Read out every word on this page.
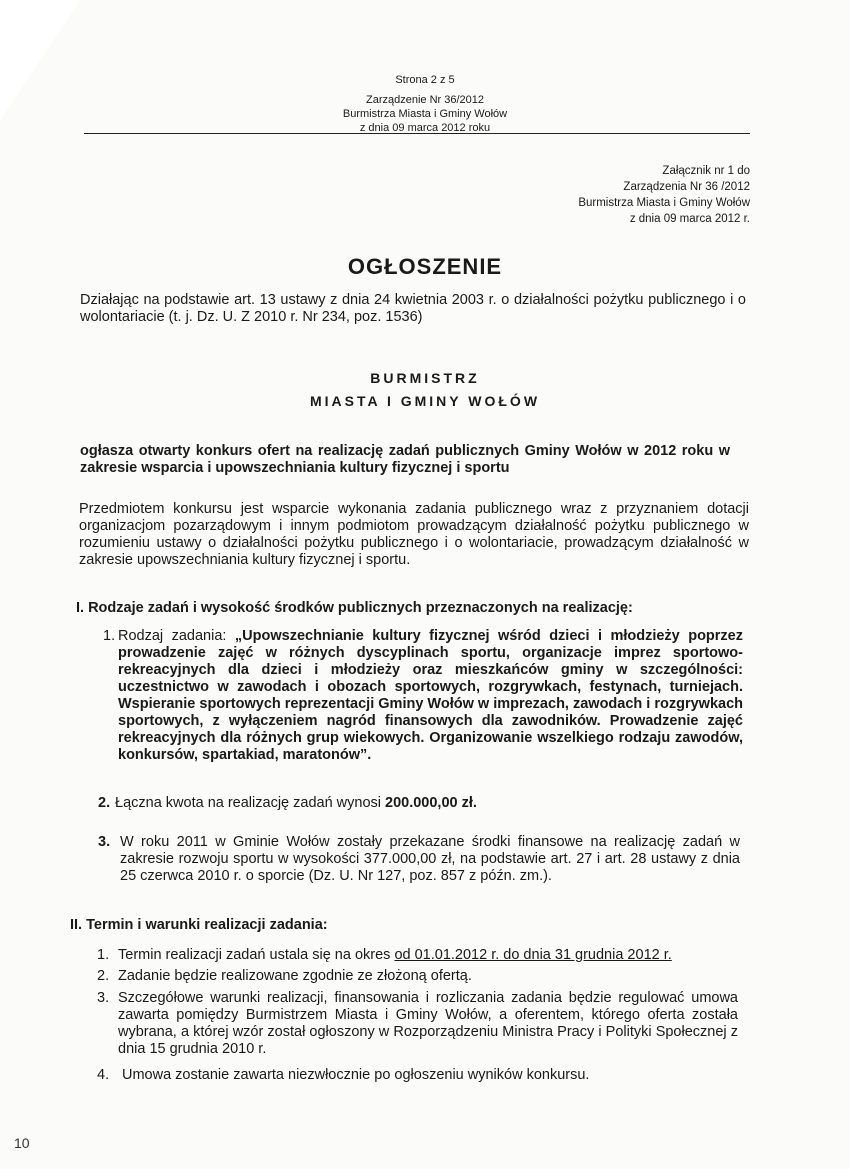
Strona 2 z 5
Zarządzenie Nr 36/2012
Burmistrza Miasta i Gminy Wołów
z dnia 09 marca 2012 roku
Załącznik nr 1 do
Zarządzenia Nr 36 /2012
Burmistrza Miasta i Gminy Wołów
z dnia 09 marca 2012 r.
OGŁOSZENIE
Działając na podstawie art. 13 ustawy z dnia 24 kwietnia 2003 r. o działalności pożytku publicznego i o wolontariacie (t. j. Dz. U. Z 2010 r. Nr 234, poz. 1536)
BURMISTRZ
MIASTA I GMINY WOŁÓW
ogłasza otwarty konkurs ofert na realizację zadań publicznych Gminy Wołów w 2012 roku w zakresie wsparcia i upowszechniania kultury fizycznej i sportu
Przedmiotem konkursu jest wsparcie wykonania zadania publicznego wraz z przyznaniem dotacji organizacjom pozarządowym i innym podmiotom prowadzącym działalność pożytku publicznego w rozumieniu ustawy o działalności pożytku publicznego i o wolontariacie, prowadzącym działalność w zakresie upowszechniania kultury fizycznej i sportu.
I. Rodzaje zadań i wysokość środków publicznych przeznaczonych na realizację:
1. Rodzaj zadania: „Upowszechnianie kultury fizycznej wśród dzieci i młodzieży poprzez prowadzenie zajęć w różnych dyscyplinach sportu, organizacje imprez sportowo-rekreacyjnych dla dzieci i młodzieży oraz mieszkańców gminy w szczególności: uczestnictwo w zawodach i obozach sportowych, rozgrywkach, festynach, turniejach. Wspieranie sportowych reprezentacji Gminy Wołów w imprezach, zawodach i rozgrywkach sportowych, z wyłączeniem nagród finansowych dla zawodników. Prowadzenie zajęć rekreacyjnych dla różnych grup wiekowych. Organizowanie wszelkiego rodzaju zawodów, konkursów, spartakiad, maratonów”.
2. Łączna kwota na realizację zadań wynosi 200.000,00 zł.
3. W roku 2011 w Gminie Wołów zostały przekazane środki finansowe na realizację zadań w zakresie rozwoju sportu w wysokości 377.000,00 zł, na podstawie art. 27 i art. 28 ustawy z dnia 25 czerwca 2010 r. o sporcie (Dz. U. Nr 127, poz. 857 z późn. zm.).
II. Termin i warunki realizacji zadania:
1. Termin realizacji zadań ustala się na okres od 01.01.2012 r. do dnia 31 grudnia 2012 r.
2. Zadanie będzie realizowane zgodnie ze złożoną ofertą.
3. Szczegółowe warunki realizacji, finansowania i rozliczania zadania będzie regulować umowa zawarta pomiędzy Burmistrzem Miasta i Gminy Wołów, a oferentem, którego oferta została wybrana, a której wzór został ogłoszony w Rozporządzeniu Ministra Pracy i Polityki Społecznej z dnia 15 grudnia 2010 r.
4. Umowa zostanie zawarta niezwłocznie po ogłoszeniu wyników konkursu.
10
